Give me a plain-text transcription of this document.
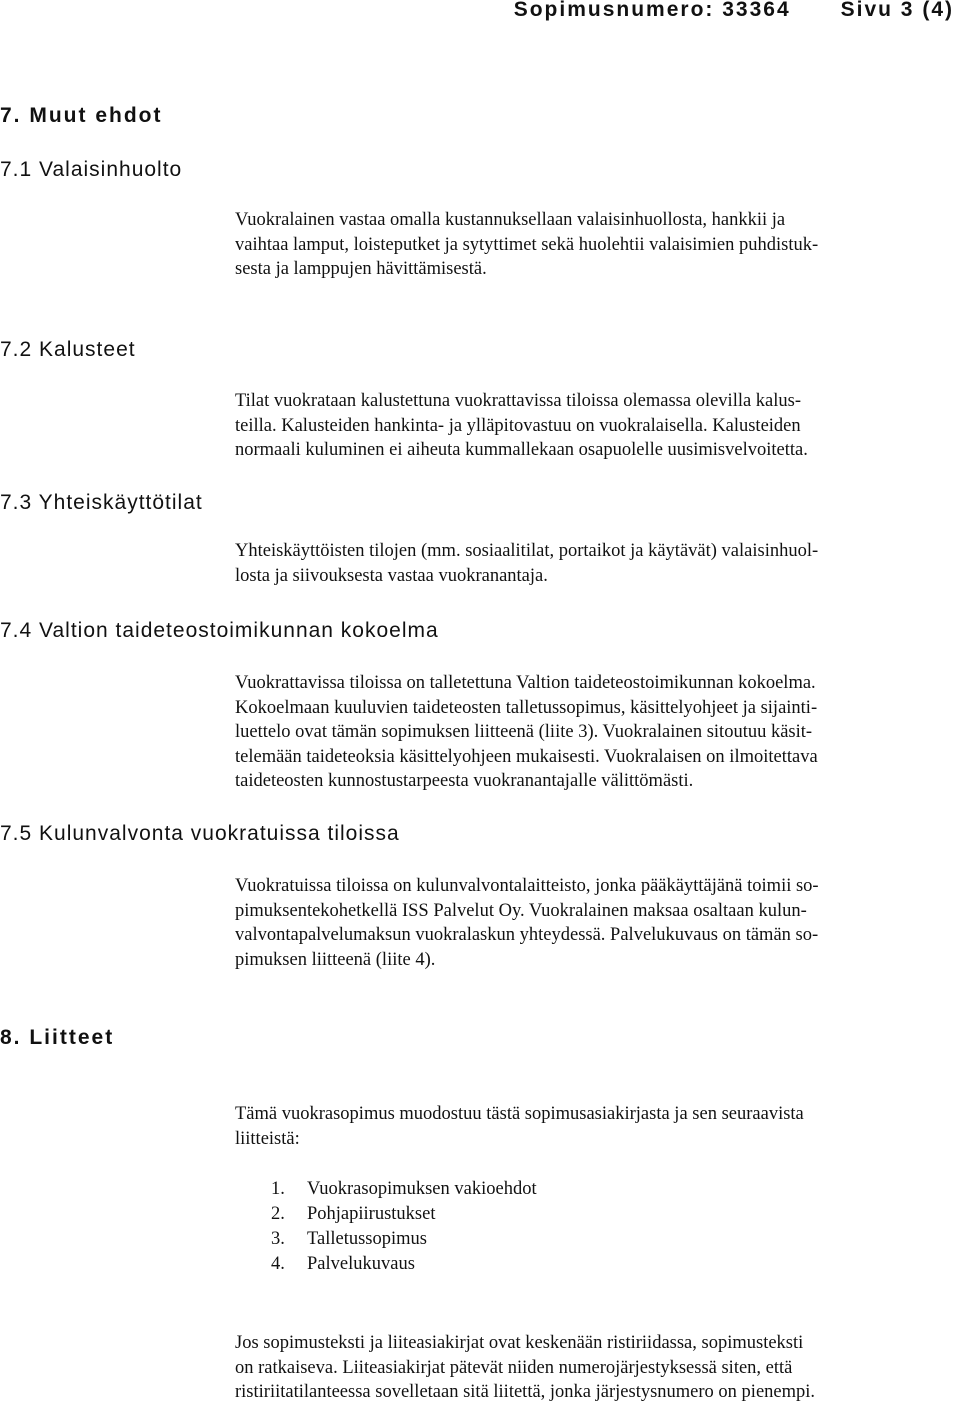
Sopimusnumero: 33364 Sivu 3 (4)
7. Muut ehdot
7.1 Valaisinhuolto
Vuokralainen vastaa omalla kustannuksellaan valaisinhuollosta, hankkii ja
vaihtaa lamput, loisteputket ja sytyttimet sekä huolehtii valaisimien puhdistuk-
sesta ja lamppujen hävittämisestä.
7.2 Kalusteet
Tilat vuokrataan kalustettuna vuokrattavissa tiloissa olemassa olevilla kalus-
teilla. Kalusteiden hankinta- ja ylläpitovastuu on vuokralaisella. Kalusteiden
normaali kuluminen ei aiheuta kummallekaan osapuolelle uusimisvelvoitetta.
7.3 Yhteiskäyttötilat
Yhteiskäyttöisten tilojen (mm. sosiaalitilat, portaikot ja käytävät) valaisinhuol-
losta ja siivouksesta vastaa vuokranantaja.
7.4 Valtion taideteostoimikunnan kokoelma
Vuokrattavissa tiloissa on talletettuna Valtion taideteostoimikunnan kokoelma.
Kokoelmaan kuuluvien taideteosten talletussopimus, käsittelyohjeet ja sijainti-
luettelo ovat tämän sopimuksen liitteenä (liite 3). Vuokralainen sitoutuu käsit-
telemään taideteoksia käsittelyohjeen mukaisesti. Vuokralaisen on ilmoitettava
taideteosten kunnostustarpeesta vuokranantajalle välittömästi.
7.5 Kulunvalvonta vuokratuissa tiloissa
Vuokratuissa tiloissa on kulunvalvontalaitteisto, jonka pääkäyttäjänä toimii so-
pimuksentekohetkellä ISS Palvelut Oy. Vuokralainen maksaa osaltaan kulun-
valvontapalvelumaksun vuokralaskun yhteydessä. Palvelukuvaus on tämän so-
pimuksen liitteenä (liite 4).
8. Liitteet
Tämä vuokrasopimus muodostuu tästä sopimusasiakirjasta ja sen seuraavista
liitteistä:
1. Vuokrasopimuksen vakioehdot
2. Pohjapiirustukset
3. Talletussopimus
4. Palvelukuvaus
Jos sopimusteksti ja liiteasiakirjat ovat keskenään ristiriidassa, sopimusteksti
on ratkaiseva. Liiteasiakirjat pätevät niiden numerojärjestyksessä siten, että
ristiriitatilanteessa sovelletaan sitä liitettä, jonka järjestysnumero on pienempi.
